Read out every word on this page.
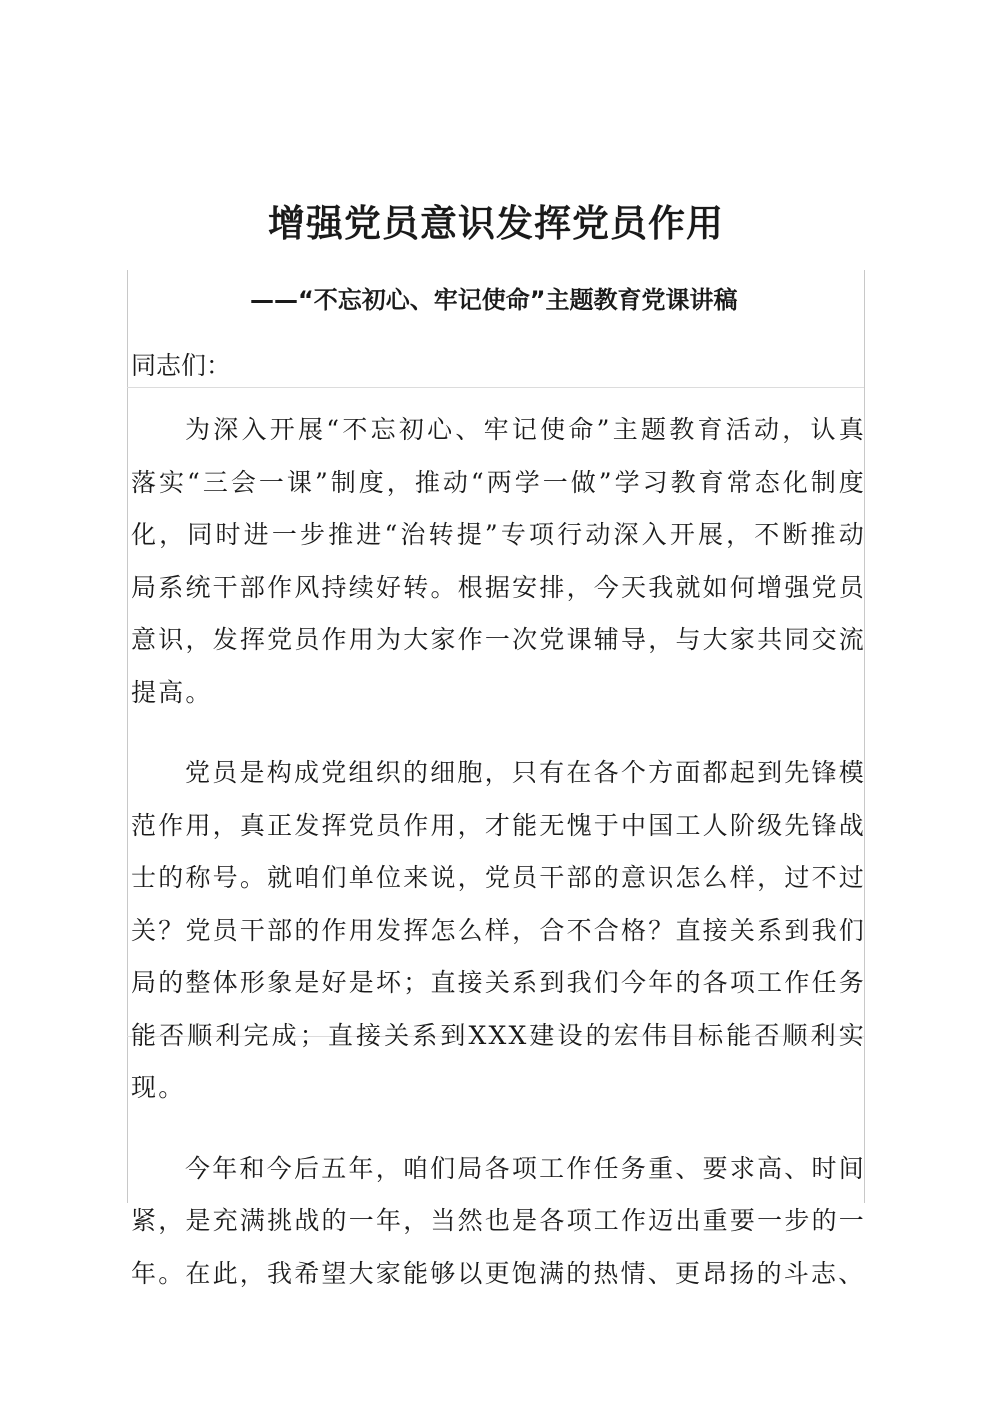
增强党员意识发挥党员作用
——“不忘初心、牢记使命”主题教育党课讲稿

同志们：

为深入开展“不忘初心、牢记使命”主题教育活动，认真落实“三会一课”制度，推动“两学一做”学习教育常态化制度化，同时进一步推进“治转提”专项行动深入开展，不断推动局系统干部作风持续好转。根据安排，今天我就如何增强党员意识，发挥党员作用为大家作一次党课辅导，与大家共同交流提高。

党员是构成党组织的细胞，只有在各个方面都起到先锋模范作用，真正发挥党员作用，才能无愧于中国工人阶级先锋战士的称号。就咱们单位来说，党员干部的意识怎么样，过不过关？党员干部的作用发挥怎么样，合不合格？直接关系到我们局的整体形象是好是坏；直接关系到我们今年的各项工作任务能否顺利完成；直接关系到XXX建设的宏伟目标能否顺利实现。

今年和今后五年，咱们局各项工作任务重、要求高、时间紧，是充满挑战的一年，当然也是各项工作迈出重要一步的一年。在此，我希望大家能够以更饱满的热情、更昂扬的斗志、
